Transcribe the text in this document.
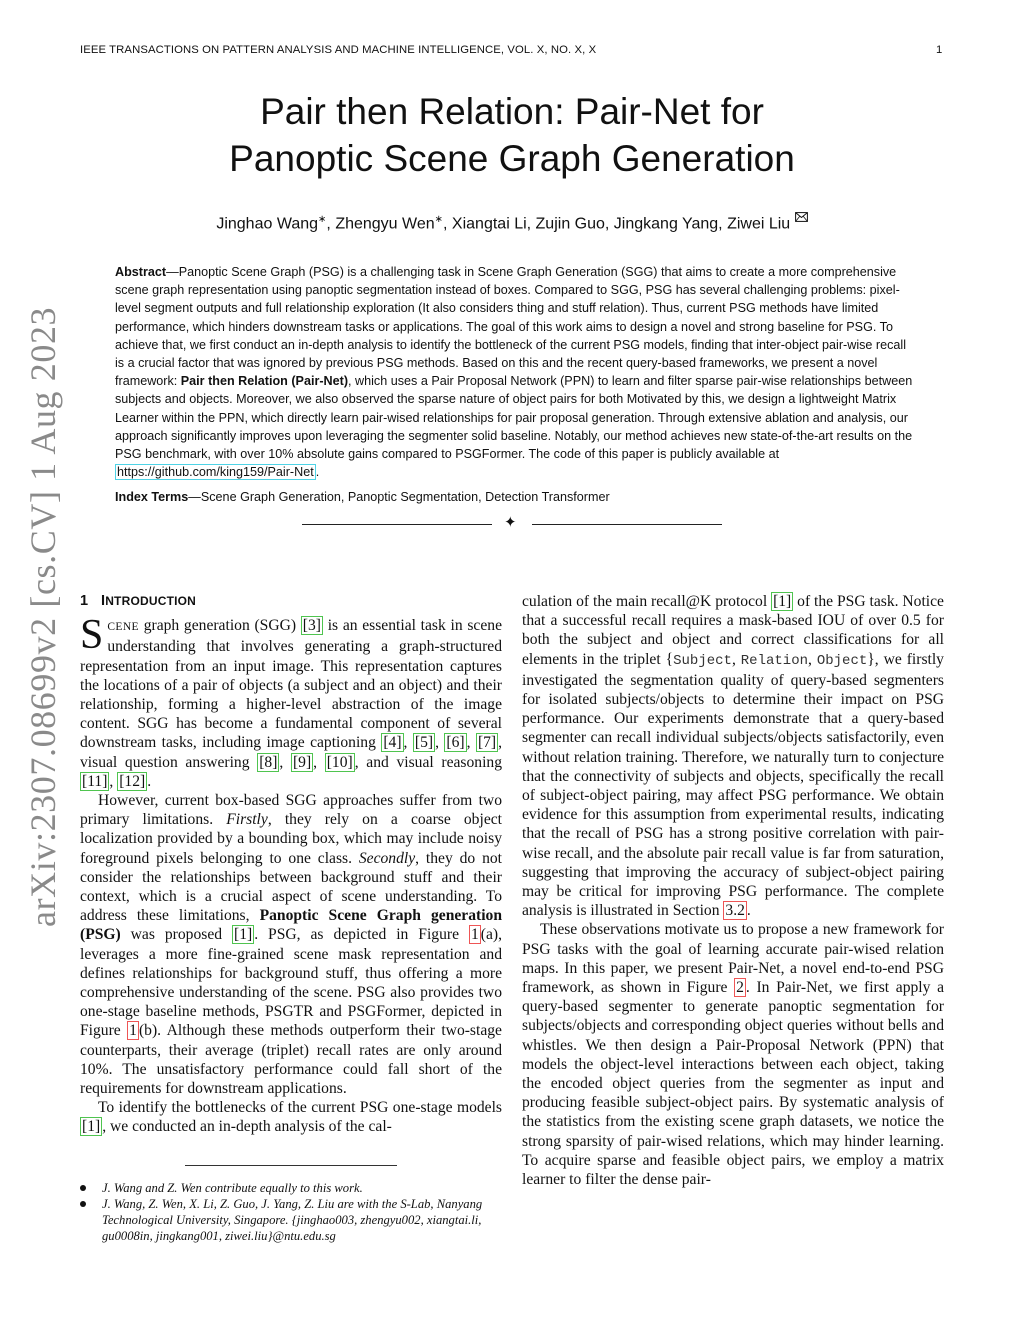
IEEE TRANSACTIONS ON PATTERN ANALYSIS AND MACHINE INTELLIGENCE, VOL. X, NO. X, X	1
Pair then Relation: Pair-Net for
Panoptic Scene Graph Generation
Jinghao Wang∗, Zhengyu Wen∗, Xiangtai Li, Zujin Guo, Jingkang Yang, Ziwei Liu
Abstract—Panoptic Scene Graph (PSG) is a challenging task in Scene Graph Generation (SGG) that aims to create a more comprehensive scene graph representation using panoptic segmentation instead of boxes. Compared to SGG, PSG has several challenging problems: pixel-level segment outputs and full relationship exploration (It also considers thing and stuff relation). Thus, current PSG methods have limited performance, which hinders downstream tasks or applications. The goal of this work aims to design a novel and strong baseline for PSG. To achieve that, we first conduct an in-depth analysis to identify the bottleneck of the current PSG models, finding that inter-object pair-wise recall is a crucial factor that was ignored by previous PSG methods. Based on this and the recent query-based frameworks, we present a novel framework: Pair then Relation (Pair-Net), which uses a Pair Proposal Network (PPN) to learn and filter sparse pair-wise relationships between subjects and objects. Moreover, we also observed the sparse nature of object pairs for both Motivated by this, we design a lightweight Matrix Learner within the PPN, which directly learn pair-wised relationships for pair proposal generation. Through extensive ablation and analysis, our approach significantly improves upon leveraging the segmenter solid baseline. Notably, our method achieves new state-of-the-art results on the PSG benchmark, with over 10% absolute gains compared to PSGFormer. The code of this paper is publicly available at https://github.com/king159/Pair-Net .
Index Terms—Scene Graph Generation, Panoptic Segmentation, Detection Transformer
✦
arXiv:2307.08699v2 [cs.CV] 1 Aug 2023 1 INTRODUCTION

SCENE graph generation (SGG) [3] is an essential task in scene understanding that involves generating a graph-structured representation from an input image. This representation captures the locations of a pair of objects (a subject and an object) and their relationship, forming a higher-level abstraction of the image content. SGG has become a fundamental component of several downstream tasks, including image captioning [4] , [5] , [6] , [7] , visual question answering [8] , [9] , [10] , and visual reasoning [11] , [12] .

However, current box-based SGG approaches suffer from two primary limitations. Firstly, they rely on a coarse object localization provided by a bounding box, which may include noisy foreground pixels belonging to one class. Secondly, they do not consider the relationships between background stuff and their context, which is a crucial aspect of scene understanding. To address these limitations, Panoptic Scene Graph generation (PSG) was proposed [1] . PSG, as depicted in Figure 1 (a), leverages a more fine-grained scene mask representation and defines relationships for background stuff, thus offering a more comprehensive understanding of the scene. PSG also provides two one-stage baseline methods, PSGTR and PSGFormer, depicted in Figure 1 (b). Although these methods outperform their two-stage counterparts, their average (triplet) recall rates are only around 10%. The unsatisfactory performance could fall short of the requirements for downstream applications.

To identify the bottlenecks of the current PSG one-stage models [1] , we conducted an in-depth analysis of the cal-

culation of the main recall@K protocol [1] of the PSG task. Notice that a successful recall requires a mask-based IOU of over 0.5 for both the subject and object and correct classifications for all elements in the triplet {Subject, Relation, Object}, we firstly investigated the segmentation quality of query-based segmenters for isolated subjects/objects to determine their impact on PSG performance. Our experiments demonstrate that a query-based segmenter can recall individual subjects/objects satisfactorily, even without relation training. Therefore, we naturally turn to conjecture that the connectivity of subjects and objects, specifically the recall of subject-object pairing, may affect PSG performance. We obtain evidence for this assumption from experimental results, indicating that the recall of PSG has a strong positive correlation with pair-wise recall, and the absolute pair recall value is far from saturation, suggesting that improving the accuracy of subject-object pairing may be critical for improving PSG performance. The complete analysis is illustrated in Section 3.2 .

These observations motivate us to propose a new framework for PSG tasks with the goal of learning accurate pair-wised relation maps. In this paper, we present Pair-Net, a novel end-to-end PSG framework, as shown in Figure 2 . In Pair-Net, we first apply a query-based segmenter to generate panoptic segmentation for subjects/objects and corresponding object queries without bells and whistles. We then design a Pair-Proposal Network (PPN) that models the object-level interactions between each object, taking the encoded object queries from the segmenter as input and producing feasible subject-object pairs. By systematic analysis of the statistics from the existing scene graph datasets, we notice the strong sparsity of pair-wised relations, which may hinder learning. To acquire sparse and feasible object pairs, we employ a matrix learner to filter the dense pair-

J. Wang and Z. Wen contribute equally to this work.

J. Wang, Z. Wen, X. Li, Z. Guo, J. Yang, Z. Liu are with the S-Lab, Nanyang Technological University, Singapore. {jinghao003, zhengyu002, xiangtai.li, gu0008in, jingkang001, ziwei.liu}@ntu.edu.sg
